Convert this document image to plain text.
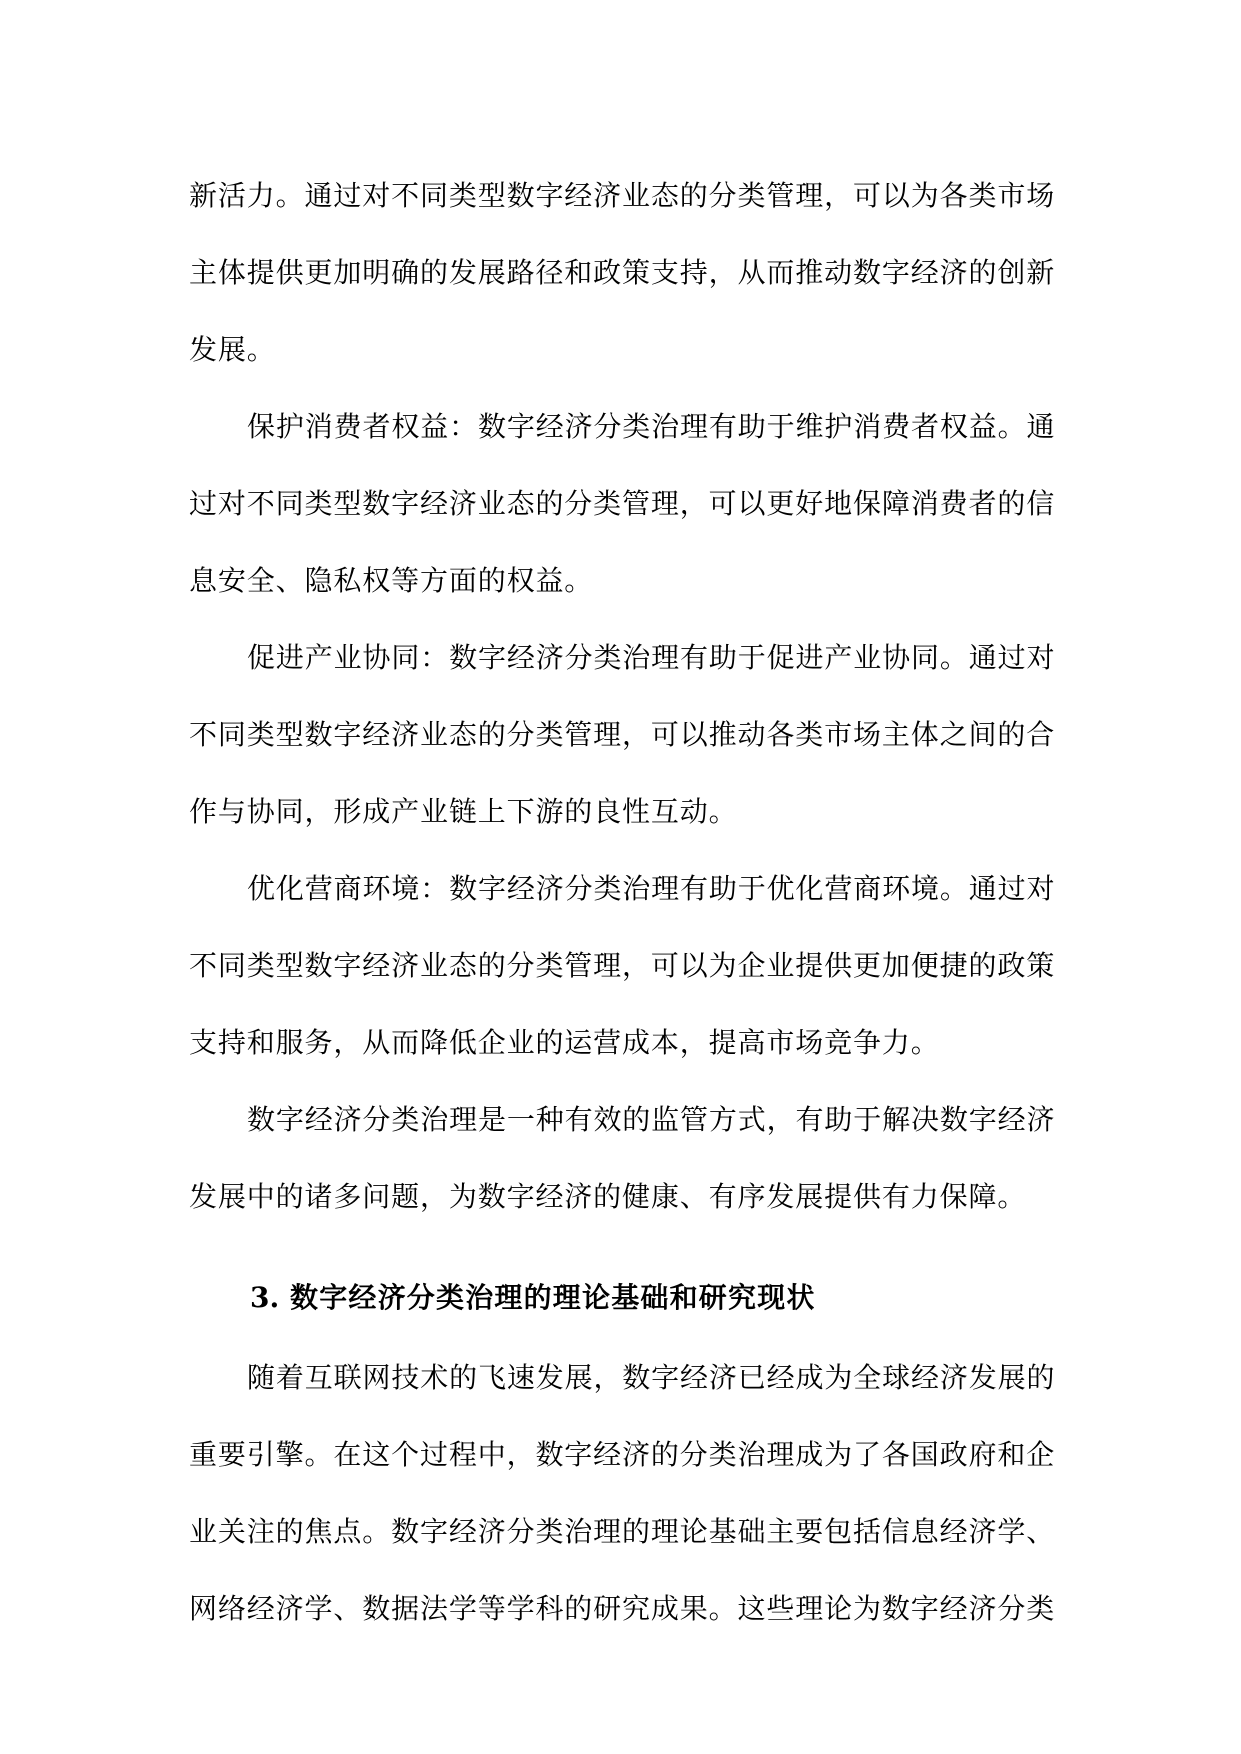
新活力。通过对不同类型数字经济业态的分类管理，可以为各类市场
主体提供更加明确的发展路径和政策支持，从而推动数字经济的创新
发展。
保护消费者权益：数字经济分类治理有助于维护消费者权益。通
过对不同类型数字经济业态的分类管理，可以更好地保障消费者的信
息安全、隐私权等方面的权益。
促进产业协同：数字经济分类治理有助于促进产业协同。通过对
不同类型数字经济业态的分类管理，可以推动各类市场主体之间的合
作与协同，形成产业链上下游的良性互动。
优化营商环境：数字经济分类治理有助于优化营商环境。通过对
不同类型数字经济业态的分类管理，可以为企业提供更加便捷的政策
支持和服务，从而降低企业的运营成本，提高市场竞争力。
数字经济分类治理是一种有效的监管方式，有助于解决数字经济
发展中的诸多问题，为数字经济的健康、有序发展提供有力保障。
3. 数字经济分类治理的理论基础和研究现状
随着互联网技术的飞速发展，数字经济已经成为全球经济发展的
重要引擎。在这个过程中，数字经济的分类治理成为了各国政府和企
业关注的焦点。数字经济分类治理的理论基础主要包括信息经济学、
网络经济学、数据法学等学科的研究成果。这些理论为数字经济分类
